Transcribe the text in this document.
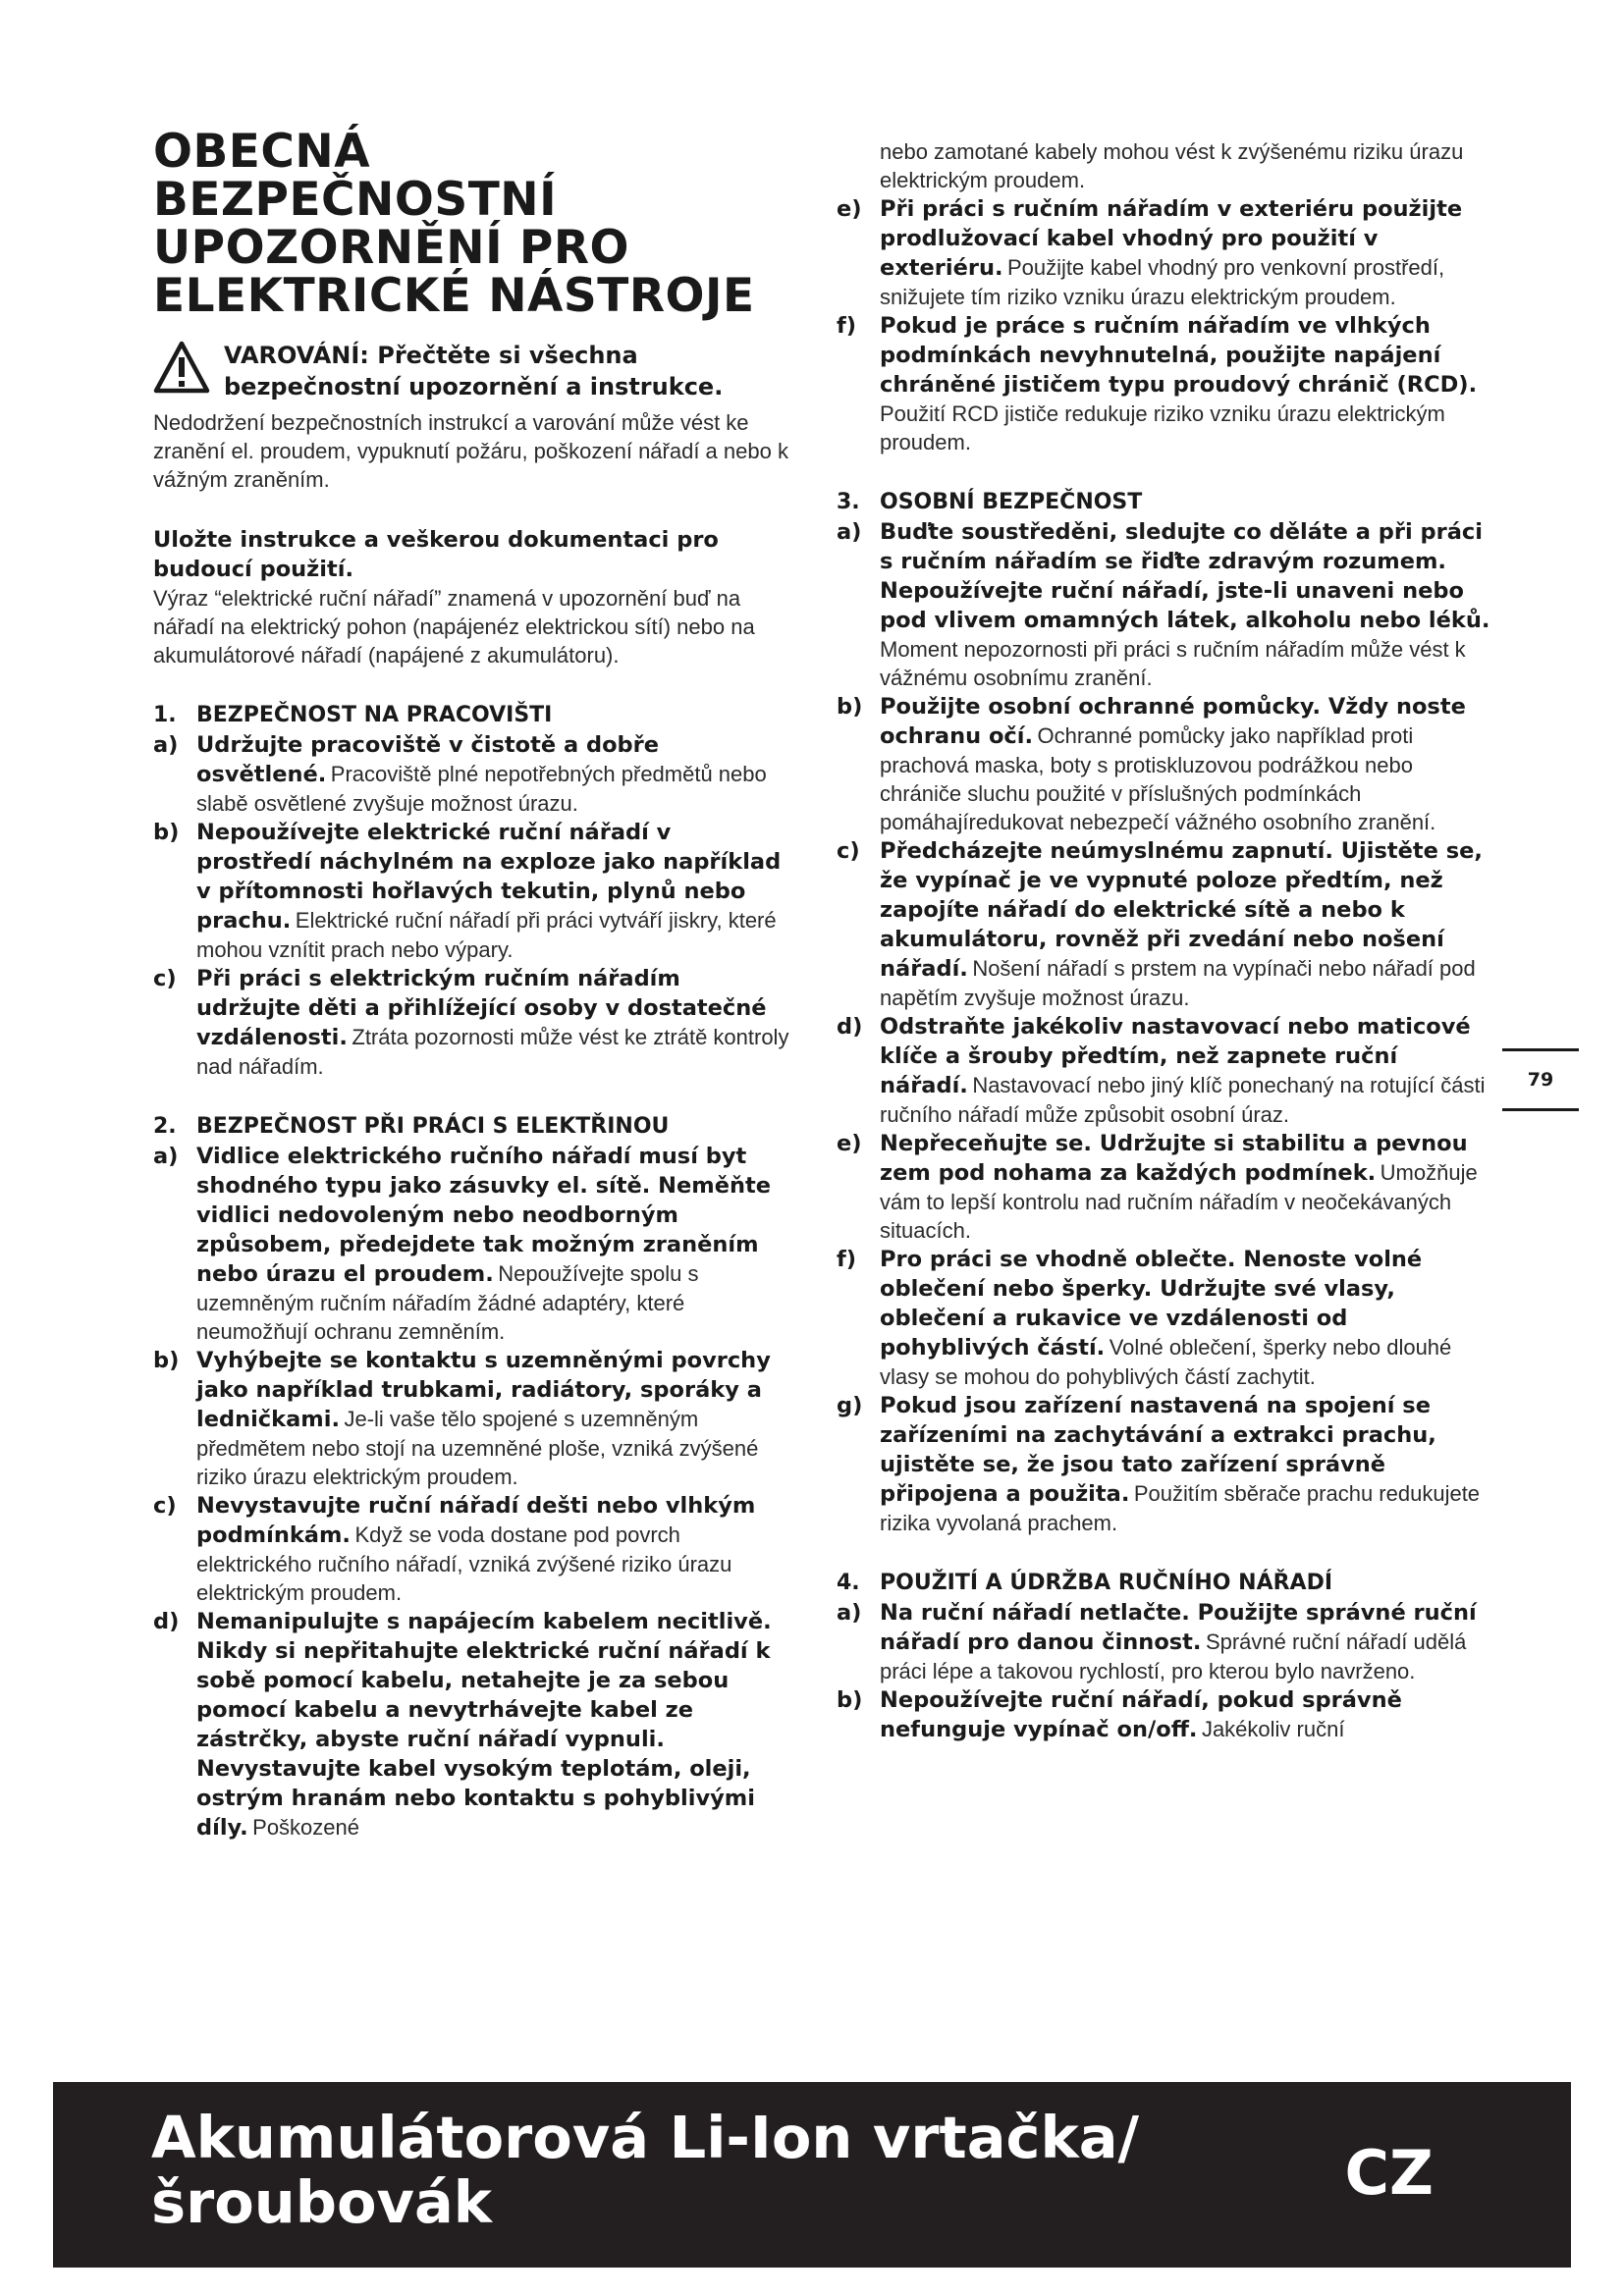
OBECNÁ
BEZPEČNOSTNÍ
UPOZORNĚNÍ PRO
ELEKTRICKÉ NÁSTROJE
VAROVÁNÍ: Přečtěte si všechna
bezpečnostní upozornění a instrukce.

Nedodržení bezpečnostních instrukcí a varování může vést ke zranění el. proudem, vypuknutí požáru, poškození nářadí a nebo k vážným zraněním.

Uložte instrukce a veškerou dokumentaci pro budoucí použití.

Výraz “elektrické ruční nářadí” znamená v upozornění buď na nářadí na elektrický pohon (napájenéz elektrickou sítí) nebo na akumulátorové nářadí (napájené z akumulátoru).

1. BEZPEČNOST NA PRACOVIŠTI
a) Udržujte pracoviště v čistotě a dobře osvětlené. Pracoviště plné nepotřebných předmětů nebo slabě osvětlené zvyšuje možnost úrazu.
b) Nepoužívejte elektrické ruční nářadí v prostředí náchylném na exploze jako například v přítomnosti hořlavých tekutin, plynů nebo prachu. Elektrické ruční nářadí při práci vytváří jiskry, které mohou vznítit prach nebo výpary.
c) Při práci s elektrickým ručním nářadím udržujte děti a přihlížející osoby v dostatečné vzdálenosti. Ztráta pozornosti může vést ke ztrátě kontroly nad nářadím.
2. BEZPEČNOST PŘI PRÁCI S ELEKTŘINOU
a) Vidlice elektrického ručního nářadí musí byt shodného typu jako zásuvky el. sítě. Neměňte vidlici nedovoleným nebo neodborným způsobem, předejdete tak možným zraněním nebo úrazu el proudem. Nepoužívejte spolu s uzemněným ručním nářadím žádné adaptéry, které neumožňují ochranu zemněním.
b) Vyhýbejte se kontaktu s uzemněnými povrchy jako například trubkami, radiátory, sporáky a ledničkami. Je-li vaše tělo spojené s uzemněným předmětem nebo stojí na uzemněné ploše, vzniká zvýšené riziko úrazu elektrickým proudem.
c) Nevystavujte ruční nářadí dešti nebo vlhkým podmínkám. Když se voda dostane pod povrch elektrického ručního nářadí, vzniká zvýšené riziko úrazu elektrickým proudem.
d) Nemanipulujte s napájecím kabelem necitlivě. Nikdy si nepřitahujte elektrické ruční nářadí k sobě pomocí kabelu, netahejte je za sebou pomocí kabelu a nevytrhávejte kabel ze zástrčky, abyste ruční nářadí vypnuli. Nevystavujte kabel vysokým teplotám, oleji, ostrým hranám nebo kontaktu s pohyblivými díly. Poškozené

nebo zamotané kabely mohou vést k zvýšenému riziku úrazu elektrickým proudem.

e) Při práci s ručním nářadím v exteriéru použijte prodlužovací kabel vhodný pro použití v exteriéru. Použijte kabel vhodný pro venkovní prostředí, snižujete tím riziko vzniku úrazu elektrickým proudem.
f)	Pokud je práce s ručním nářadím ve vlhkých podmínkách nevyhnutelná, použijte napájení chráněné jističem typu proudový chránič (RCD). Použití RCD jističe redukuje riziko vzniku úrazu elektrickým proudem.
3. OSOBNÍ BEZPEČNOST
a) Buďte soustředěni, sledujte co děláte a při práci s ručním nářadím se řiďte zdravým rozumem. Nepoužívejte ruční nářadí, jste-li unaveni nebo pod vlivem omamných látek, alkoholu nebo léků. Moment nepozornosti při práci s ručním nářadím může vést k vážnému osobnímu zranění.
b) Použijte osobní ochranné pomůcky. Vždy noste ochranu očí. Ochranné pomůcky jako například proti prachová maska, boty s protiskluzovou podrážkou nebo chrániče sluchu použité v příslušných podmínkách pomáhajíredukovat nebezpečí vážného osobního zranění.
c) Předcházejte neúmyslnému zapnutí. Ujistěte se, že vypínač je ve vypnuté poloze předtím, než zapojíte nářadí do elektrické sítě a nebo k akumulátoru, rovněž při zvedání nebo nošení nářadí. Nošení nářadí s prstem na vypínači nebo nářadí pod napětím zvyšuje možnost úrazu.
d) Odstraňte jakékoliv nastavovací nebo maticové klíče a šrouby předtím, než zapnete ruční nářadí. Nastavovací nebo jiný klíč ponechaný na rotující části ručního nářadí může způsobit osobní úraz.
e) Nepřeceňujte se. Udržujte si stabilitu a pevnou zem pod nohama za každých podmínek. Umožňuje vám to lepší kontrolu nad ručním nářadím v neočekávaných situacích.
f)	Pro práci se vhodně oblečte. Nenoste volné oblečení nebo šperky. Udržujte své vlasy, oblečení a rukavice ve vzdálenosti od pohyblivých částí. Volné oblečení, šperky nebo dlouhé vlasy se mohou do pohyblivých částí zachytit.
g) Pokud jsou zařízení nastavená na spojení se zařízeními na zachytávání a extrakci prachu, ujistěte se, že jsou tato zařízení správně připojena a použita. Použitím sběrače prachu redukujete rizika vyvolaná prachem.
4. POUŽITÍ A ÚDRŽBA RUČNÍHO NÁŘADÍ
a) Na ruční nářadí netlačte. Použijte správné ruční nářadí pro danou činnost. Správné ruční nářadí udělá práci lépe a takovou rychlostí, pro kterou bylo navrženo.
b) Nepoužívejte ruční nářadí, pokud správně nefunguje vypínač on/off. Jakékoliv ruční
79
Akumulátorová Li-Ion vrtačka/
šroubovák	CZ
